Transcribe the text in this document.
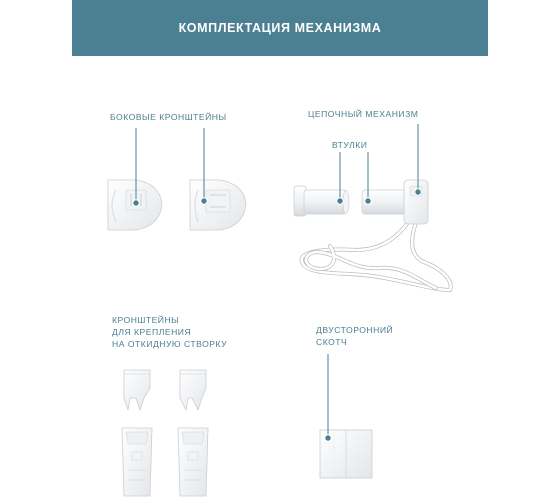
КОМПЛЕКТАЦИЯ МЕХАНИЗМА
БОКОВЫЕ КРОНШТЕЙНЫ	ЦЕПОЧНЫЙ МЕХАНИЗМ
ВТУЛКИ
КРОНШТЕЙНЫ
ДЛЯ КРЕПЛЕНИЯ
НА ОТКИДНУЮ СТВОРКУ
ДВУСТОРОННИЙ
СКОТЧ
